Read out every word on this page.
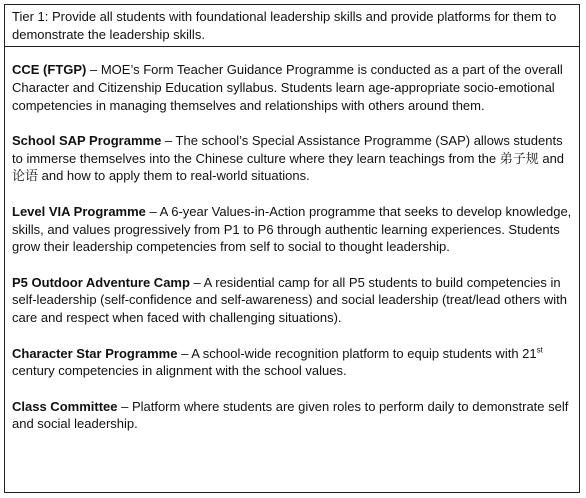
Tier 1: Provide all students with foundational leadership skills and provide platforms for them to demonstrate the leadership skills.

CCE (FTGP) – MOE’s Form Teacher Guidance Programme is conducted as a part of the overall Character and Citizenship Education syllabus. Students learn age-appropriate socio-emotional competencies in managing themselves and relationships with others around them.

School SAP Programme – The school’s Special Assistance Programme (SAP) allows students to immerse themselves into the Chinese culture where they learn teachings from the 弟子规 and 论语 and how to apply them to real-world situations.

Level VIA Programme – A 6-year Values-in-Action programme that seeks to develop knowledge, skills, and values progressively from P1 to P6 through authentic learning experiences. Students grow their leadership competencies from self to social to thought leadership.

P5 Outdoor Adventure Camp – A residential camp for all P5 students to build competencies in self-leadership (self-confidence and self-awareness) and social leadership (treat/lead others with care and respect when faced with challenging situations).

Character Star Programme – A school-wide recognition platform to equip students with 21st century competencies in alignment with the school values.

Class Committee – Platform where students are given roles to perform daily to demonstrate self and social leadership.
